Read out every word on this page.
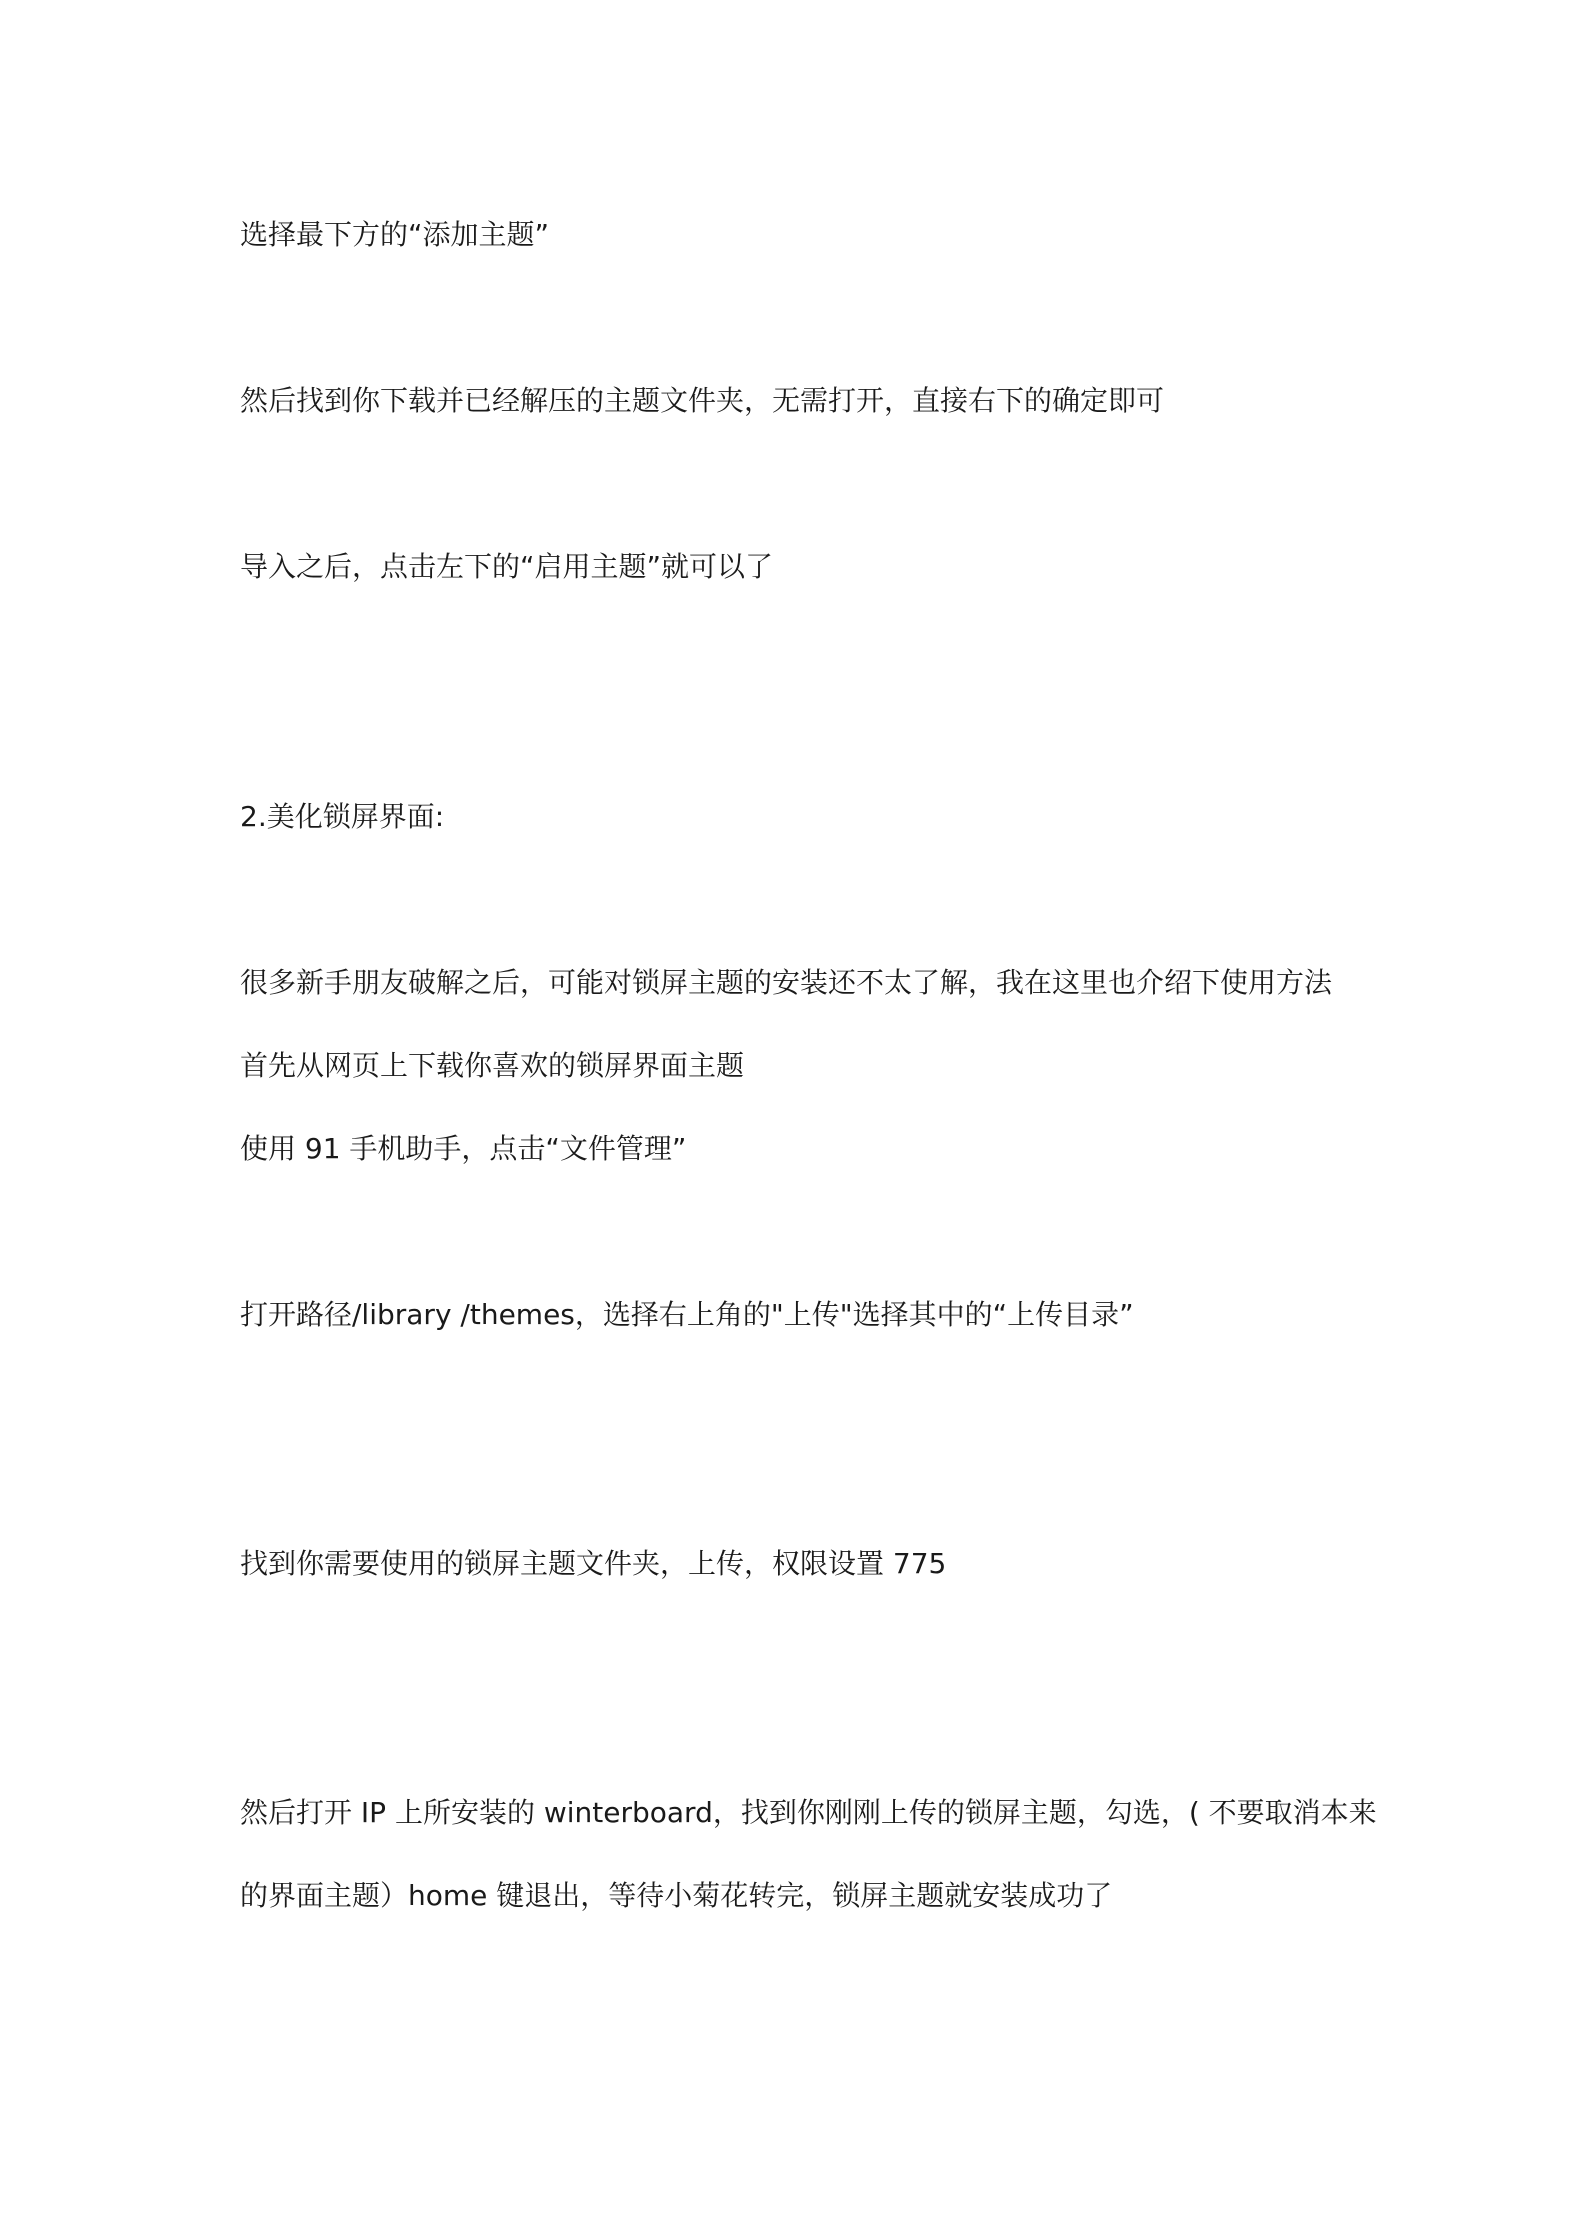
选择最下方的“添加主题”
然后找到你下载并已经解压的主题文件夹，无需打开，直接右下的确定即可
导入之后，点击左下的“启用主题”就可以了
2.美化锁屏界面:
很多新手朋友破解之后，可能对锁屏主题的安装还不太了解，我在这里也介绍下使用方法
首先从网页上下载你喜欢的锁屏界面主题
使用 91 手机助手，点击“文件管理”
打开路径/library /themes，选择右上角的"上传"选择其中的“上传目录”
找到你需要使用的锁屏主题文件夹，上传，权限设置 775
然后打开 IP 上所安装的 winterboard，找到你刚刚上传的锁屏主题，勾选，( 不要取消本来
的界面主题）home 键退出，等待小菊花转完，锁屏主题就安装成功了
